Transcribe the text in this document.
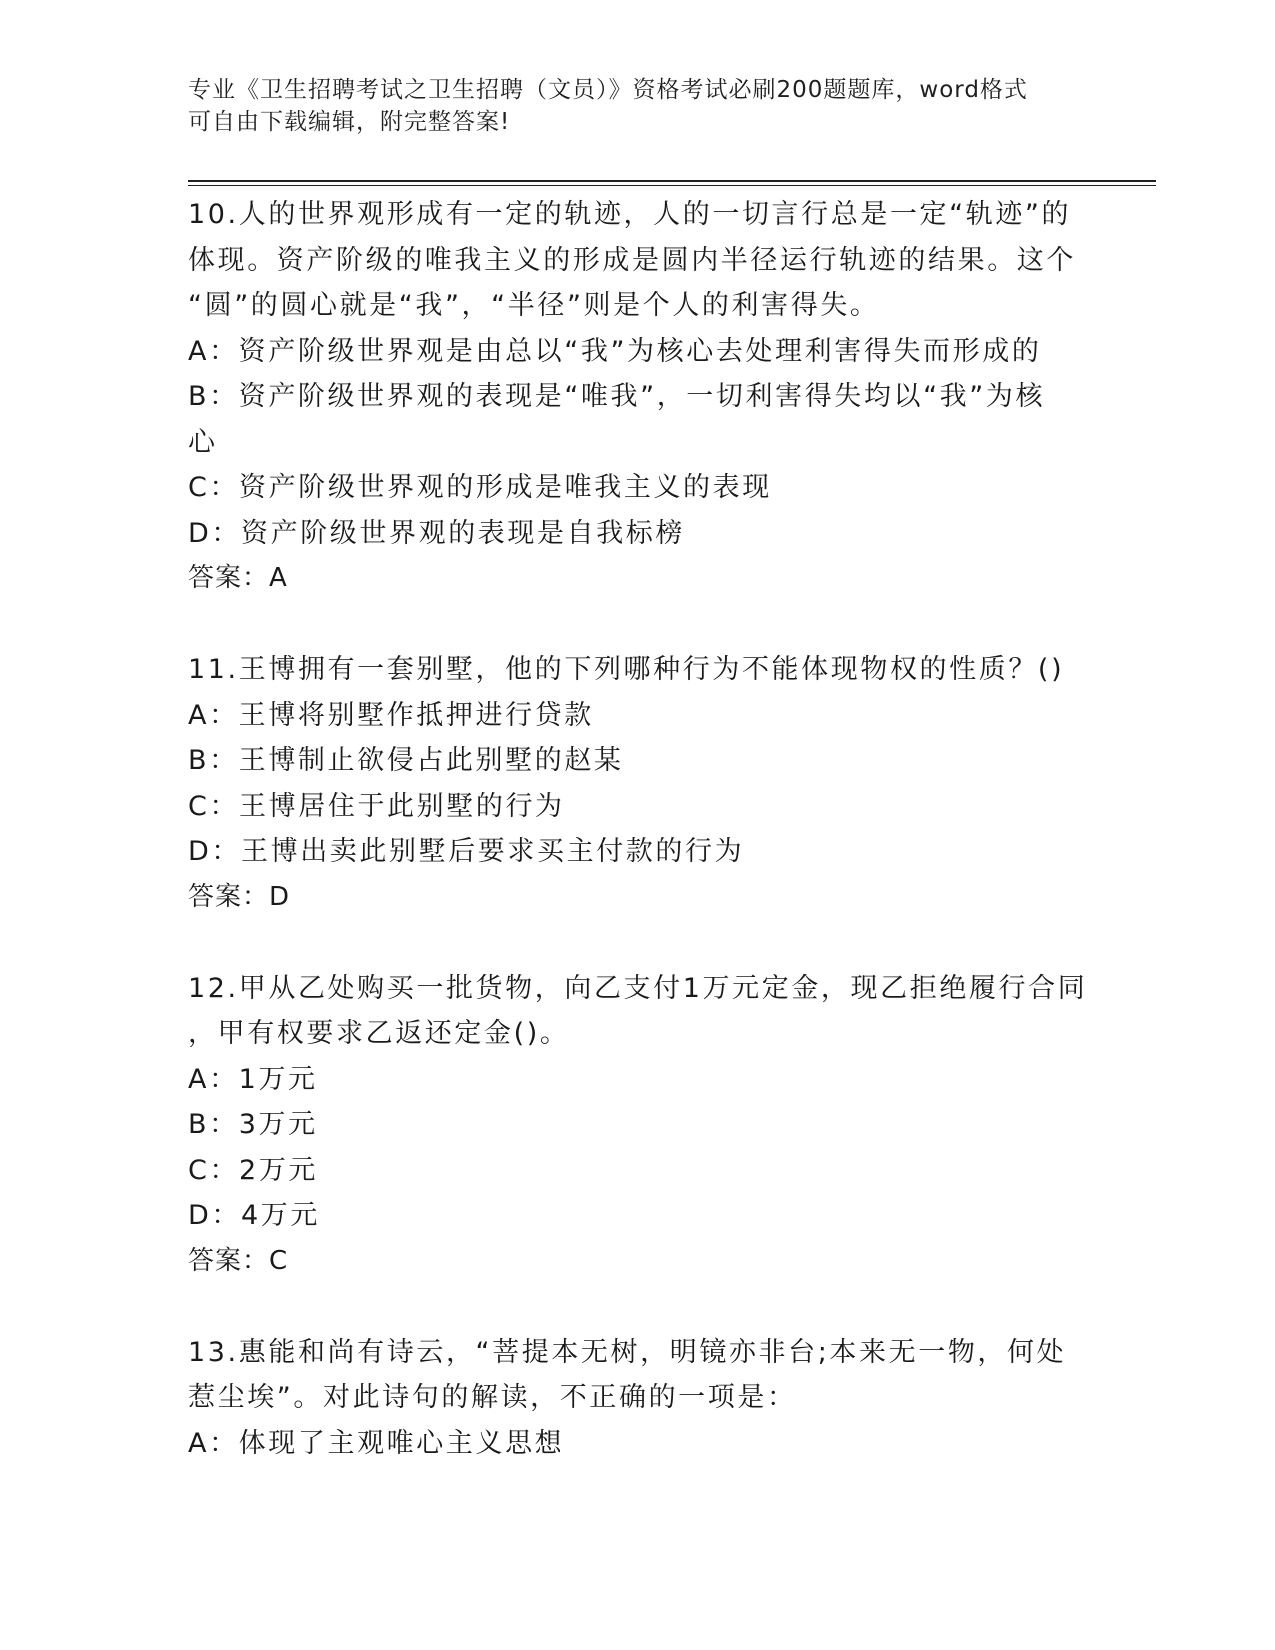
专业《卫生招聘考试之卫生招聘（文员）》资格考试必刷200题题库，word格式
可自由下载编辑，附完整答案!
10.人的世界观形成有一定的轨迹，人的一切言行总是一定“轨迹”的
体现。资产阶级的唯我主义的形成是圆内半径运行轨迹的结果。这个
“圆”的圆心就是“我”，“半径”则是个人的利害得失。
A：资产阶级世界观是由总以“我”为核心去处理利害得失而形成的
B：资产阶级世界观的表现是“唯我”，一切利害得失均以“我”为核
心
C：资产阶级世界观的形成是唯我主义的表现
D：资产阶级世界观的表现是自我标榜
答案：A
11.王博拥有一套别墅，他的下列哪种行为不能体现物权的性质？()
A：王博将别墅作抵押进行贷款
B：王博制止欲侵占此别墅的赵某
C：王博居住于此别墅的行为
D：王博出卖此别墅后要求买主付款的行为
答案：D
12.甲从乙处购买一批货物，向乙支付1万元定金，现乙拒绝履行合同
，甲有权要求乙返还定金()。
A：1万元
B：3万元
C：2万元
D：4万元
答案：C
13.惠能和尚有诗云，“菩提本无树，明镜亦非台;本来无一物，何处
惹尘埃”。对此诗句的解读，不正确的一项是：
A：体现了主观唯心主义思想
